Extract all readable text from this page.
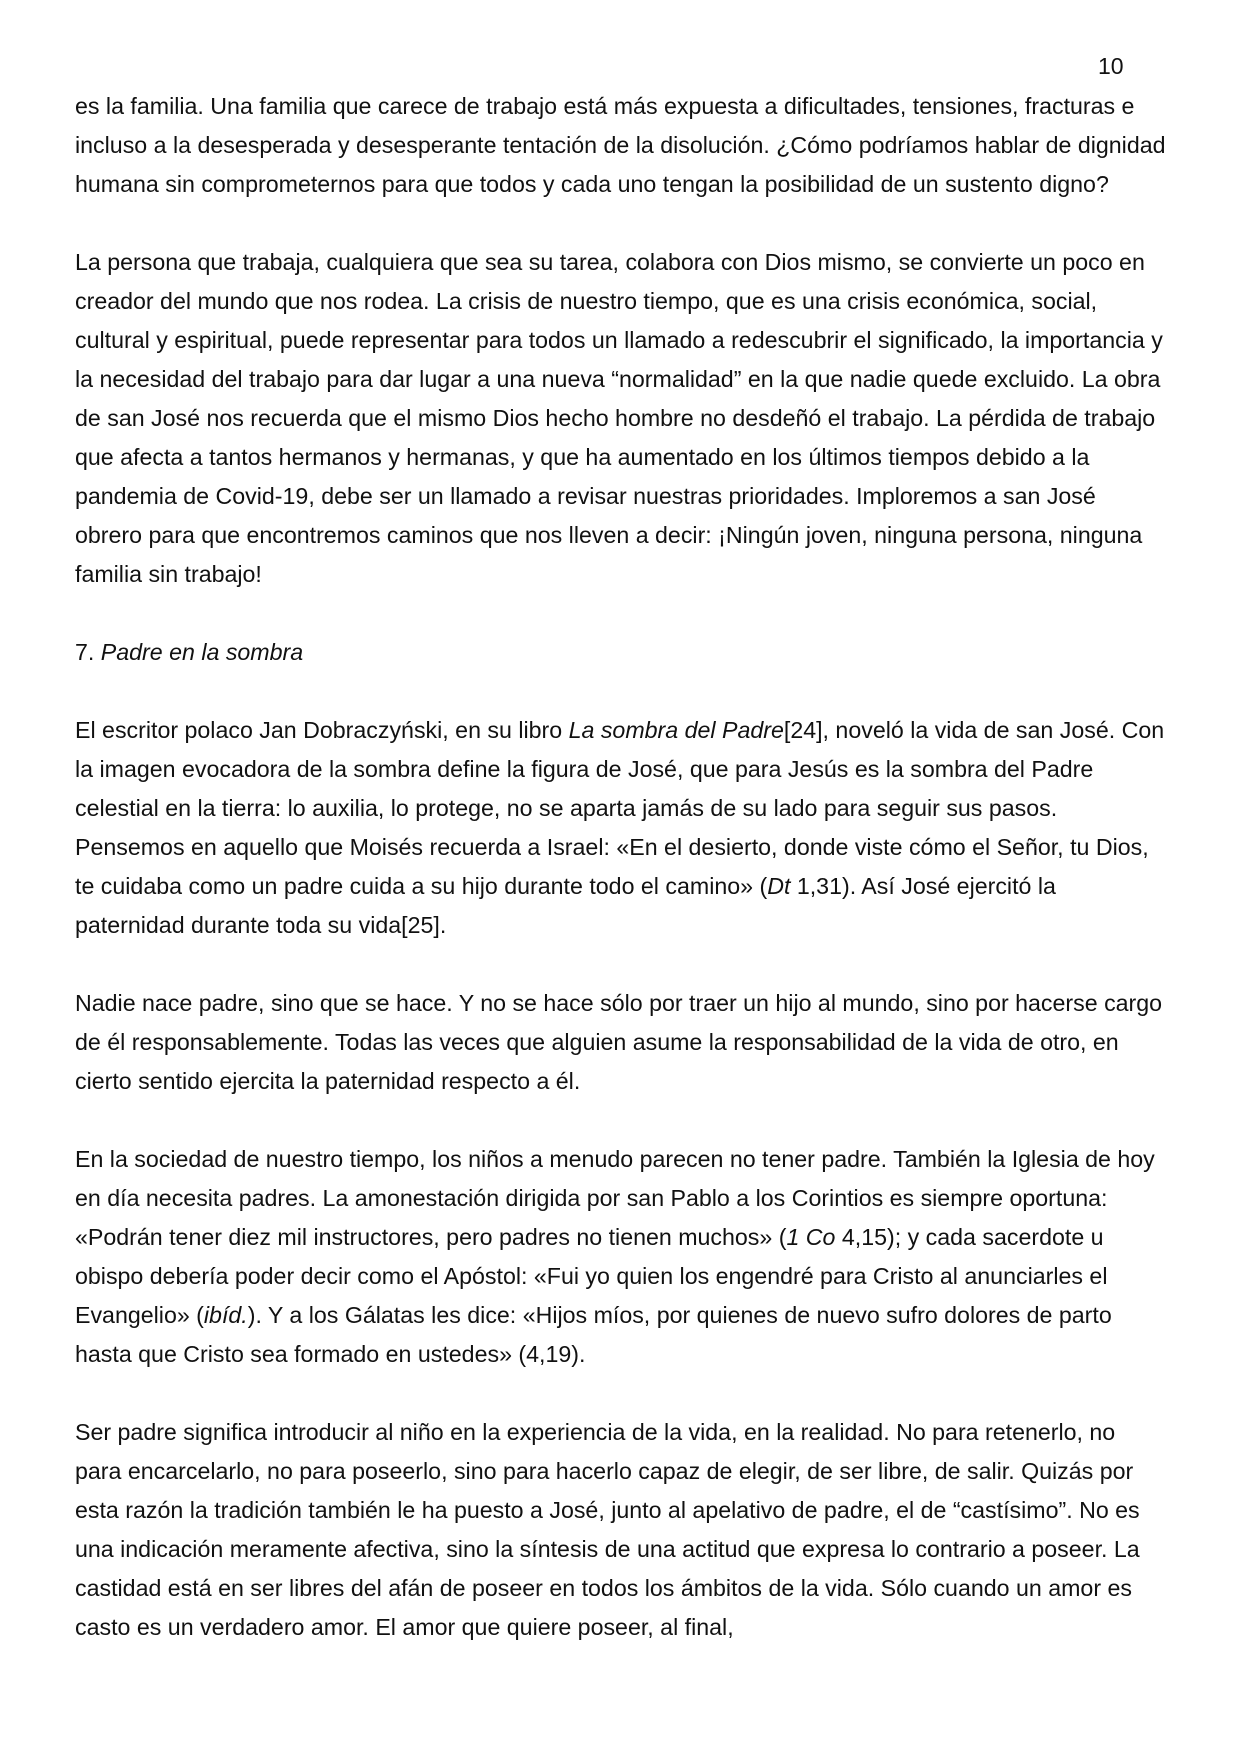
10

es la familia. Una familia que carece de trabajo está más expuesta a dificultades, tensiones, fracturas e incluso a la desesperada y desesperante tentación de la disolución. ¿Cómo podríamos hablar de dignidad humana sin comprometernos para que todos y cada uno tengan la posibilidad de un sustento digno?

La persona que trabaja, cualquiera que sea su tarea, colabora con Dios mismo, se convierte un poco en creador del mundo que nos rodea. La crisis de nuestro tiempo, que es una crisis económica, social, cultural y espiritual, puede representar para todos un llamado a redescubrir el significado, la importancia y la necesidad del trabajo para dar lugar a una nueva “normalidad” en la que nadie quede excluido. La obra de san José nos recuerda que el mismo Dios hecho hombre no desdeñó el trabajo. La pérdida de trabajo que afecta a tantos hermanos y hermanas, y que ha aumentado en los últimos tiempos debido a la pandemia de Covid-19, debe ser un llamado a revisar nuestras prioridades. Imploremos a san José obrero para que encontremos caminos que nos lleven a decir: ¡Ningún joven, ninguna persona, ninguna familia sin trabajo!

7. Padre en la sombra

El escritor polaco Jan Dobraczyński, en su libro La sombra del Padre[24], noveló la vida de san José. Con la imagen evocadora de la sombra define la figura de José, que para Jesús es la sombra del Padre celestial en la tierra: lo auxilia, lo protege, no se aparta jamás de su lado para seguir sus pasos. Pensemos en aquello que Moisés recuerda a Israel: «En el desierto, donde viste cómo el Señor, tu Dios, te cuidaba como un padre cuida a su hijo durante todo el camino» (Dt 1,31). Así José ejercitó la paternidad durante toda su vida[25].

Nadie nace padre, sino que se hace. Y no se hace sólo por traer un hijo al mundo, sino por hacerse cargo de él responsablemente. Todas las veces que alguien asume la responsabilidad de la vida de otro, en cierto sentido ejercita la paternidad respecto a él.

En la sociedad de nuestro tiempo, los niños a menudo parecen no tener padre. También la Iglesia de hoy en día necesita padres. La amonestación dirigida por san Pablo a los Corintios es siempre oportuna: «Podrán tener diez mil instructores, pero padres no tienen muchos» (1 Co 4,15); y cada sacerdote u obispo debería poder decir como el Apóstol: «Fui yo quien los engendré para Cristo al anunciarles el Evangelio» (ibíd.). Y a los Gálatas les dice: «Hijos míos, por quienes de nuevo sufro dolores de parto hasta que Cristo sea formado en ustedes» (4,19).

Ser padre significa introducir al niño en la experiencia de la vida, en la realidad. No para retenerlo, no para encarcelarlo, no para poseerlo, sino para hacerlo capaz de elegir, de ser libre, de salir. Quizás por esta razón la tradición también le ha puesto a José, junto al apelativo de padre, el de “castísimo”. No es una indicación meramente afectiva, sino la síntesis de una actitud que expresa lo contrario a poseer. La castidad está en ser libres del afán de poseer en todos los ámbitos de la vida. Sólo cuando un amor es casto es un verdadero amor. El amor que quiere poseer, al final,
